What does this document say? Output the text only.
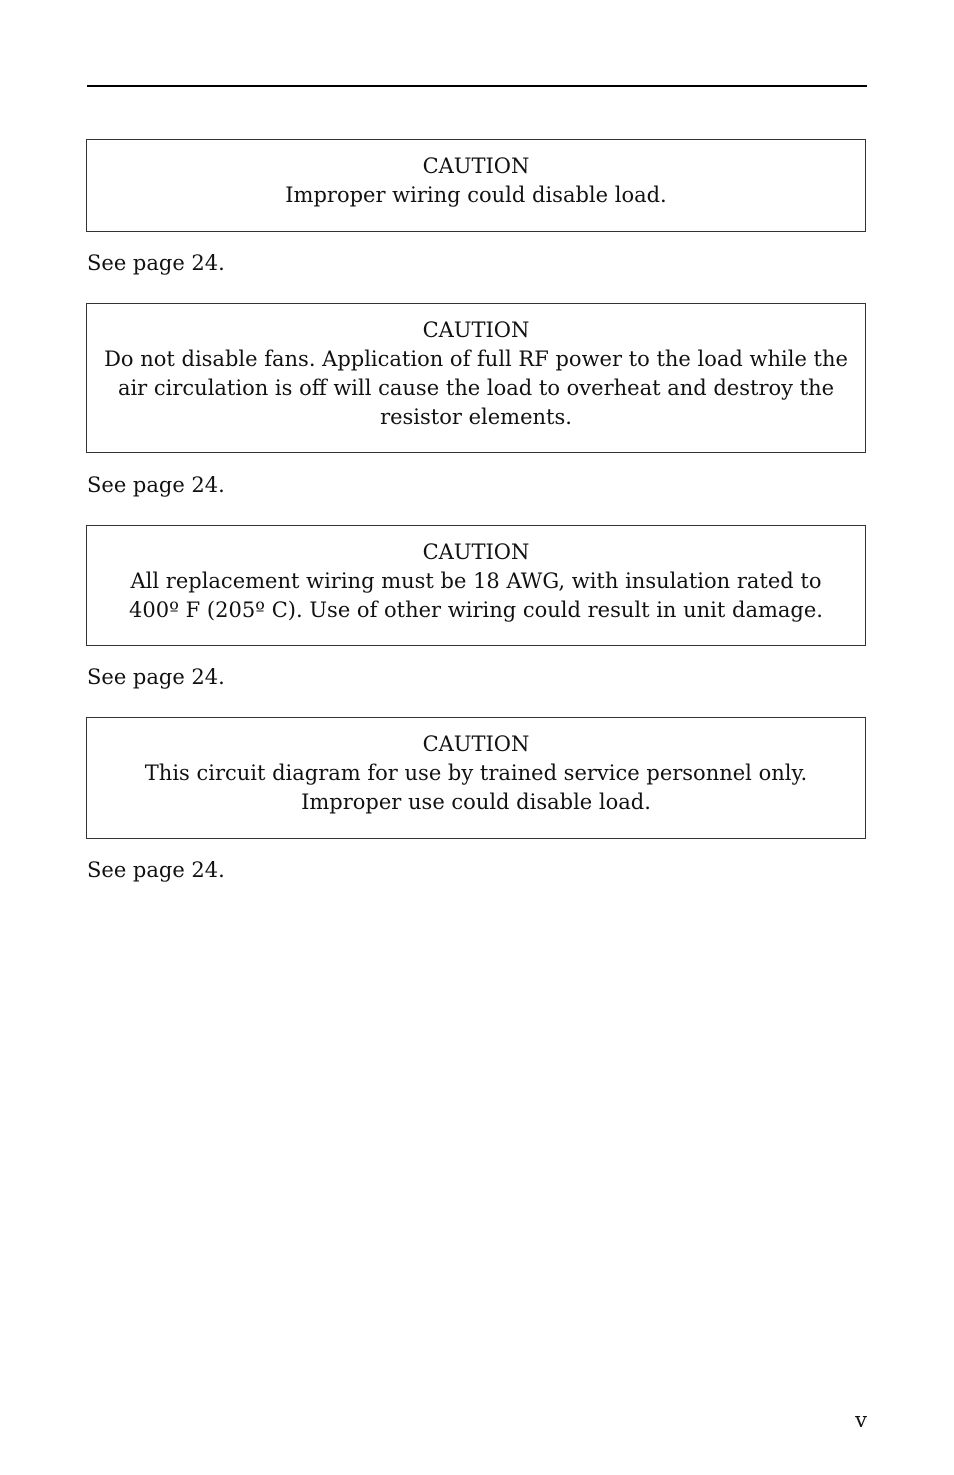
CAUTION
Improper wiring could disable load.
See page 24.
CAUTION
Do not disable fans. Application of full RF power to the load while the air circulation is off will cause the load to overheat and destroy the resistor elements.
See page 24.
CAUTION
All replacement wiring must be 18 AWG, with insulation rated to 400º F (205º C). Use of other wiring could result in unit damage.
See page 24.
CAUTION
This circuit diagram for use by trained service personnel only. Improper use could disable load.
See page 24.
v
